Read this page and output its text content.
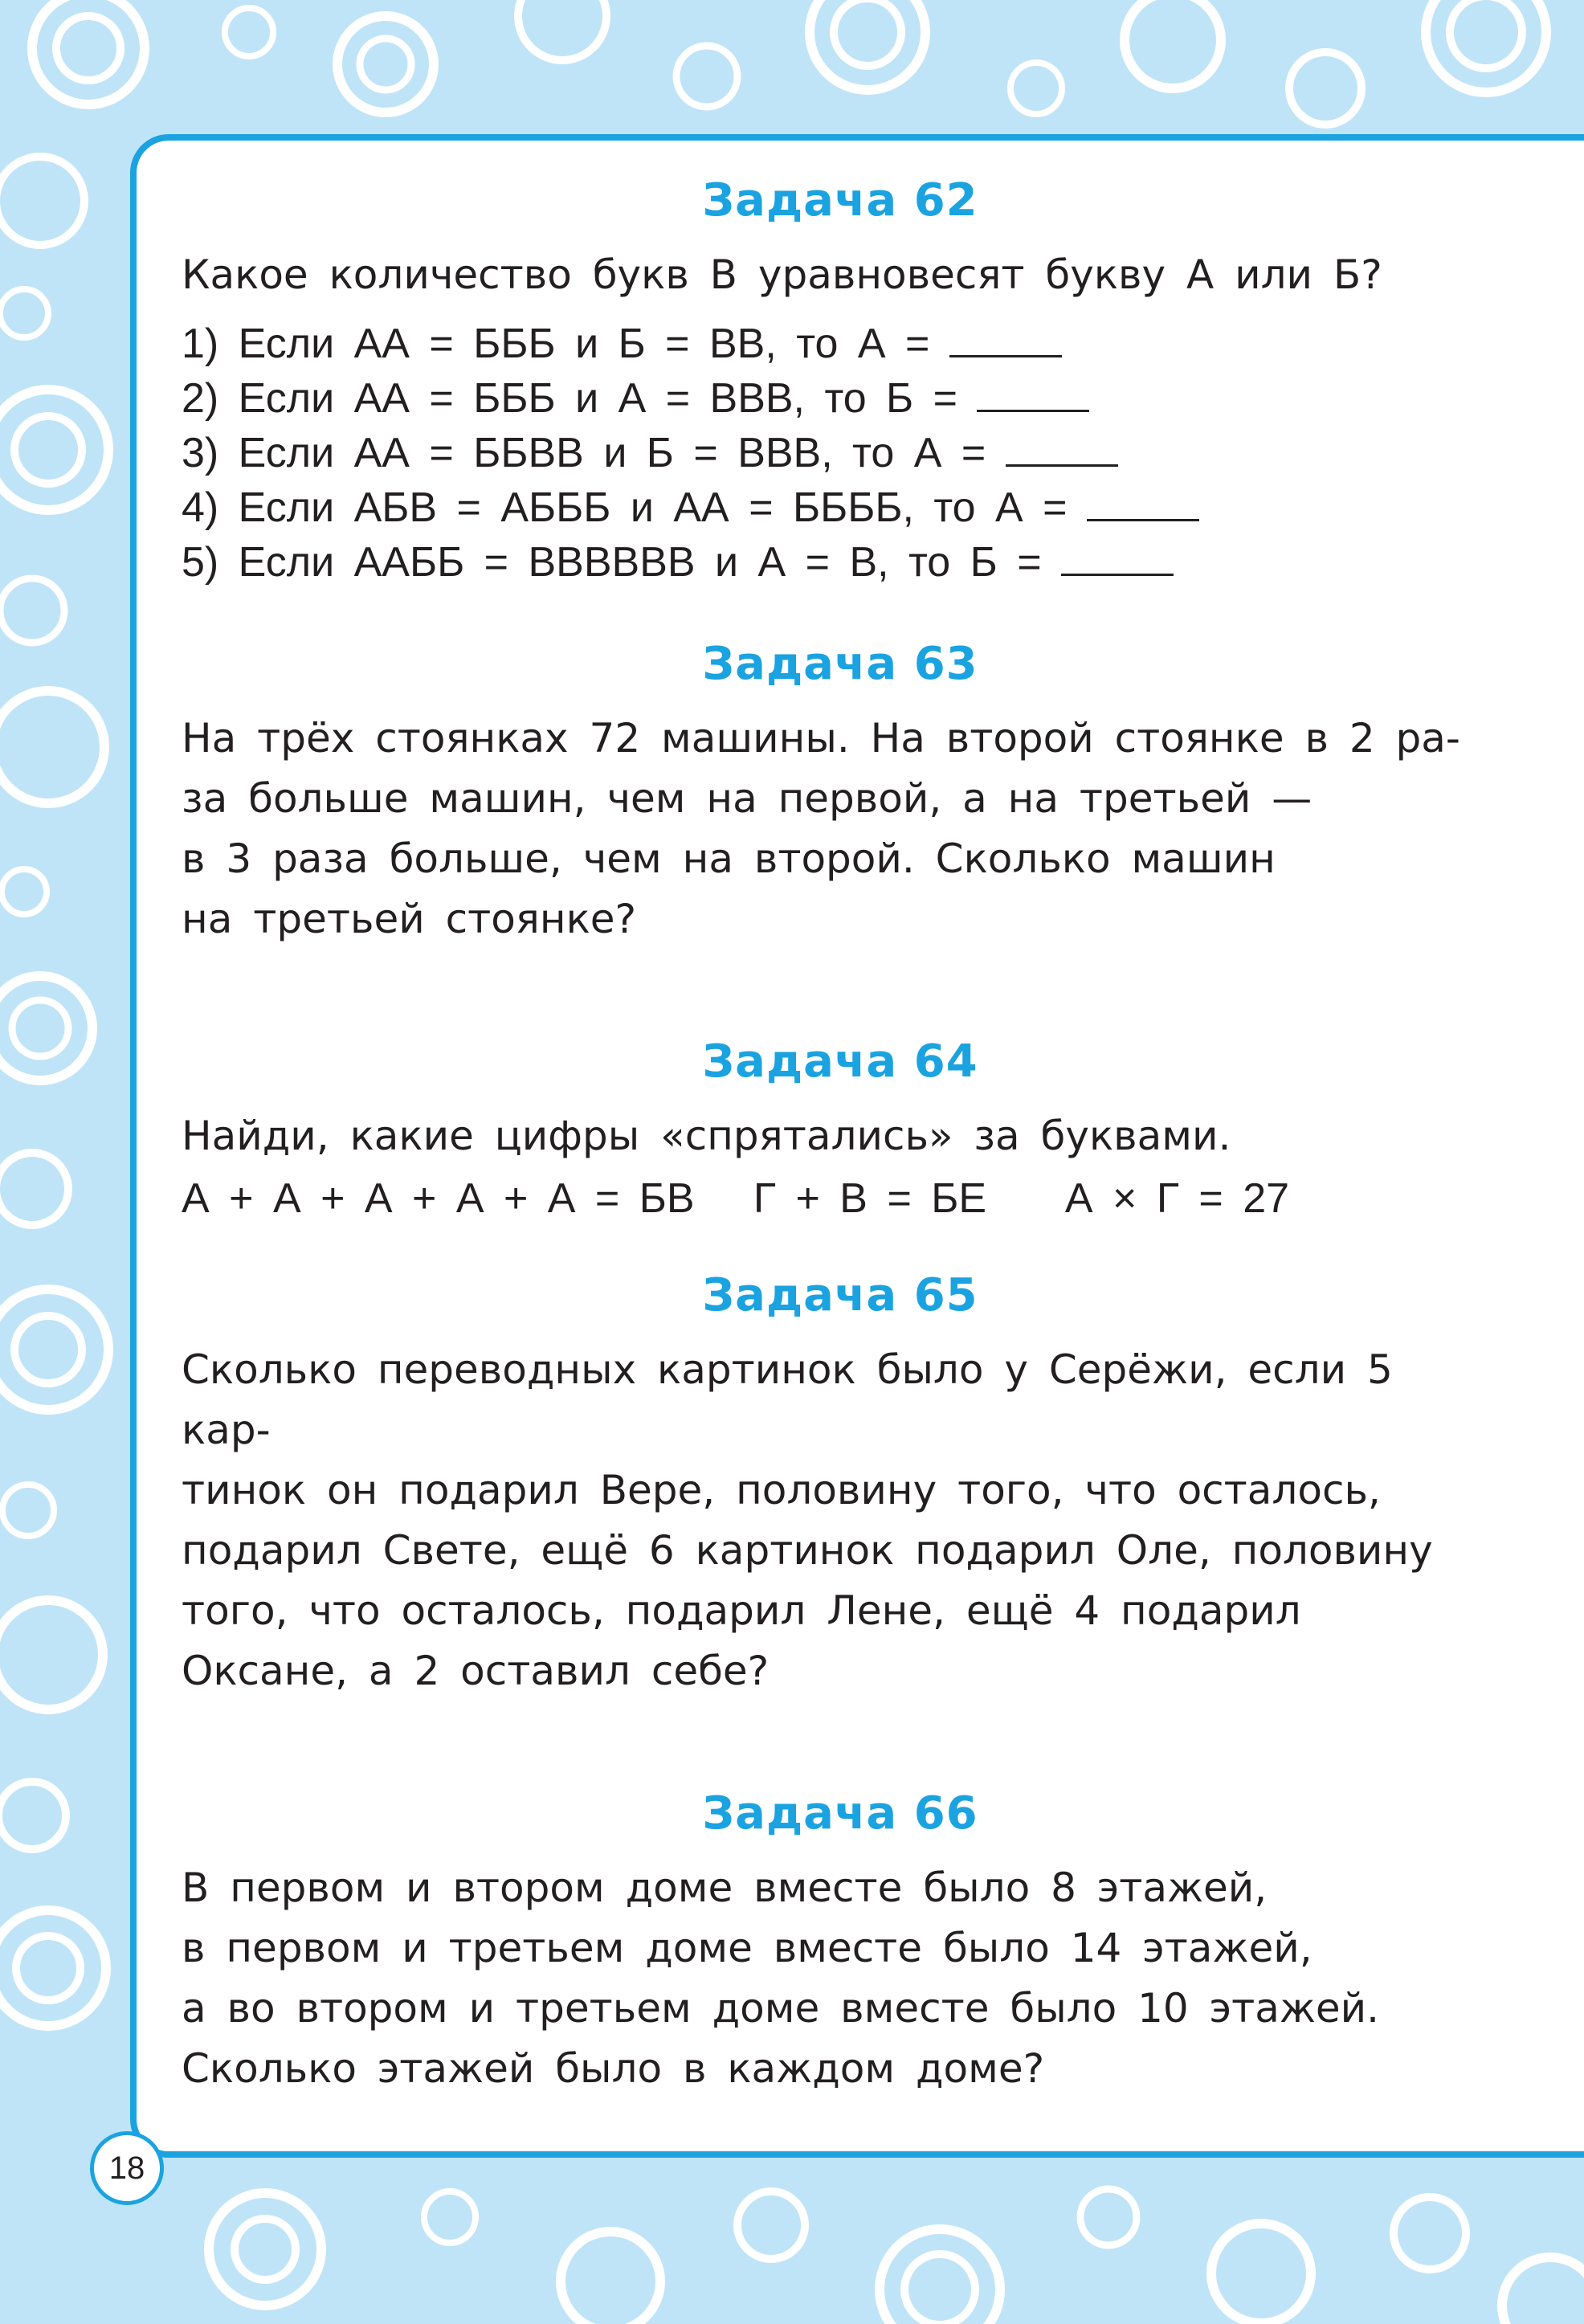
Задача 62

Какое количество букв В уравновесят букву А или Б?

1) Если АА = БББ и Б = ВВ, то А =
2) Если АА = БББ и А = ВВВ, то Б =
3) Если АА = ББВВ и Б = ВВВ, то А =
4) Если АБВ = АБББ и АА = ББББ, то А =
5) Если ААББ = ВВВВВВ и А = В, то Б =
Задача 63
На трёх стоянках 72 машины. На второй стоянке в 2 ра-
за больше машин, чем на первой, а на третьей —
в 3 раза больше, чем на второй. Сколько машин
на третьей стоянке?
Задача 64

Найди, какие цифры «спрятались» за буквами.

А + А + А + А + А = БВ Г + В = БЕ А × Г = 27
Задача 65
Сколько переводных картинок было у Серёжи, если 5 кар-
тинок он подарил Вере, половину того, что осталось,
подарил Свете, ещё 6 картинок подарил Оле, половину
того, что осталось, подарил Лене, ещё 4 подарил
Оксане, а 2 оставил себе?
Задача 66
В первом и втором доме вместе было 8 этажей,
в первом и третьем доме вместе было 14 этажей,
а во втором и третьем доме вместе было 10 этажей.
Сколько этажей было в каждом доме?
18
